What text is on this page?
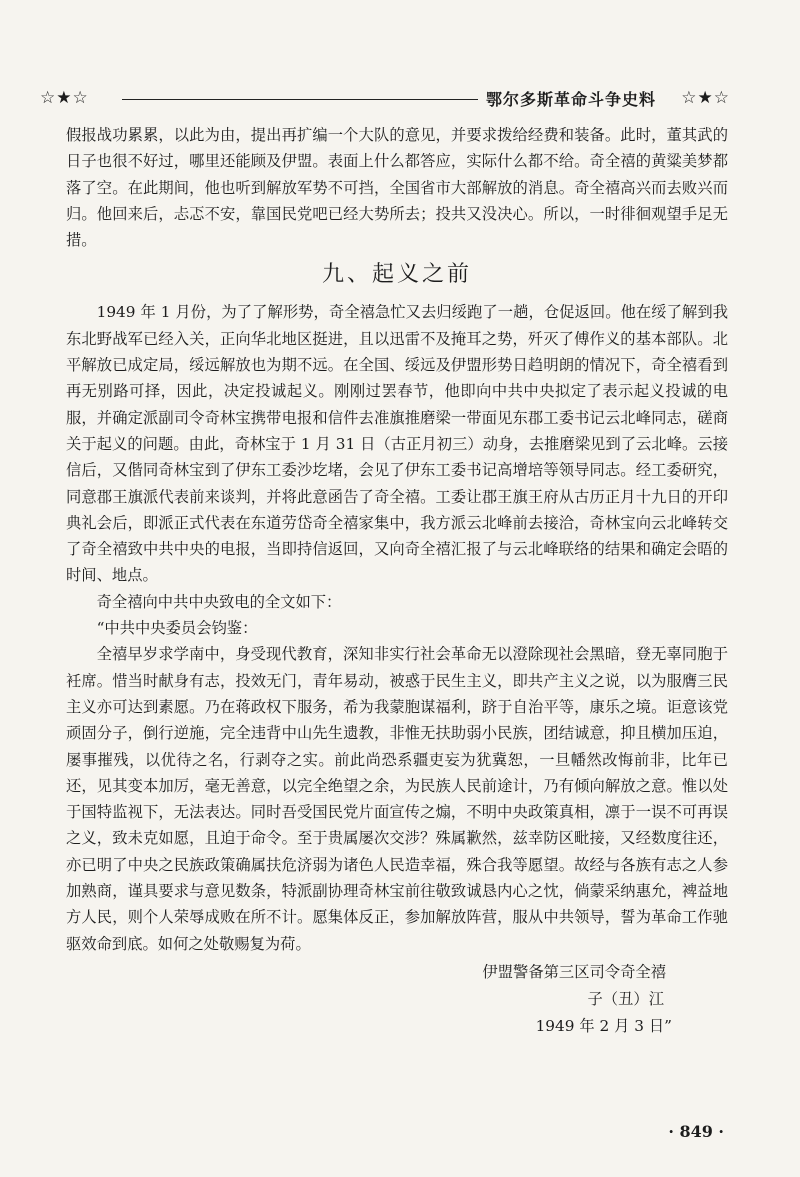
☆★☆	鄂尔多斯革命斗争史料 ☆★☆

假报战功累累，以此为由，提出再扩编一个大队的意见，并要求拨给经费和装备。此时，董其武的日子也很不好过，哪里还能顾及伊盟。表面上什么都答应，实际什么都不给。奇全禧的黄粱美梦都落了空。在此期间，他也听到解放军势不可挡，全国省市大部解放的消息。奇全禧高兴而去败兴而归。他回来后，忐忑不安，靠国民党吧已经大势所去；投共又没决心。所以，一时徘徊观望手足无措。

九、起义之前

1949 年 1 月份，为了了解形势，奇全禧急忙又去归绥跑了一趟，仓促返回。他在绥了解到我东北野战军已经入关，正向华北地区挺进，且以迅雷不及掩耳之势，歼灭了傅作义的基本部队。北平解放已成定局，绥远解放也为期不远。在全国、绥远及伊盟形势日趋明朗的情况下，奇全禧看到再无别路可择，因此，决定投诚起义。刚刚过罢春节，他即向中共中央拟定了表示起义投诚的电服，并确定派副司令奇林宝携带电报和信件去准旗推磨梁一带面见东郡工委书记云北峰同志，磋商关于起义的问题。由此，奇林宝于 1 月 31 日（古正月初三）动身，去推磨梁见到了云北峰。云接信后，又偕同奇林宝到了伊东工委沙圪堵，会见了伊东工委书记高增培等领导同志。经工委研究，同意郡王旗派代表前来谈判，并将此意函告了奇全禧。工委让郡王旗王府从古历正月十九日的开印典礼会后，即派正式代表在东道劳岱奇全禧家集中，我方派云北峰前去接洽，奇林宝向云北峰转交了奇全禧致中共中央的电报，当即持信返回，又向奇全禧汇报了与云北峰联络的结果和确定会晤的时间、地点。

奇全禧向中共中央致电的全文如下：

“中共中央委员会钧鉴：

全禧早岁求学南中，身受现代教育，深知非实行社会革命无以澄除现社会黑暗，登无辜同胞于衽席。惜当时献身有志，投效无门，青年易动，被惑于民生主义，即共产主义之说，以为服膺三民主义亦可达到素愿。乃在蒋政权下服务，希为我蒙胞谋福利，跻于自治平等，康乐之境。讵意该党顽固分子，倒行逆施，完全违背中山先生遗教，非惟无扶助弱小民族，团结诚意，抑且横加压迫，屡事摧残，以优待之名，行剥夺之实。前此尚恐系疆吏妄为犹冀恕，一旦幡然改悔前非，比年已还，见其变本加厉，毫无善意，以完全绝望之余，为民族人民前途计，乃有倾向解放之意。惟以处于国特监视下，无法表达。同时吾受国民党片面宣传之煽，不明中央政策真相，凛于一误不可再误之义，致未克如愿，且迫于命令。至于贵属屡次交涉？殊属歉然，兹幸防区毗接，又经数度往还，亦已明了中央之民族政策确属扶危济弱为诸色人民造幸福，殊合我等愿望。故经与各族有志之人参加熟商，谨具要求与意见数条，特派副协理奇林宝前往敬致诚恳内心之忱，倘蒙采纳惠允，裨益地方人民，则个人荣辱成败在所不计。愿集体反正，参加解放阵营，服从中共领导，誓为革命工作驰驱效命到底。如何之处敬赐复为荷。

伊盟警备第三区司令奇全禧
子（丑）江
1949 年 2 月 3 日”
· 849 ·
